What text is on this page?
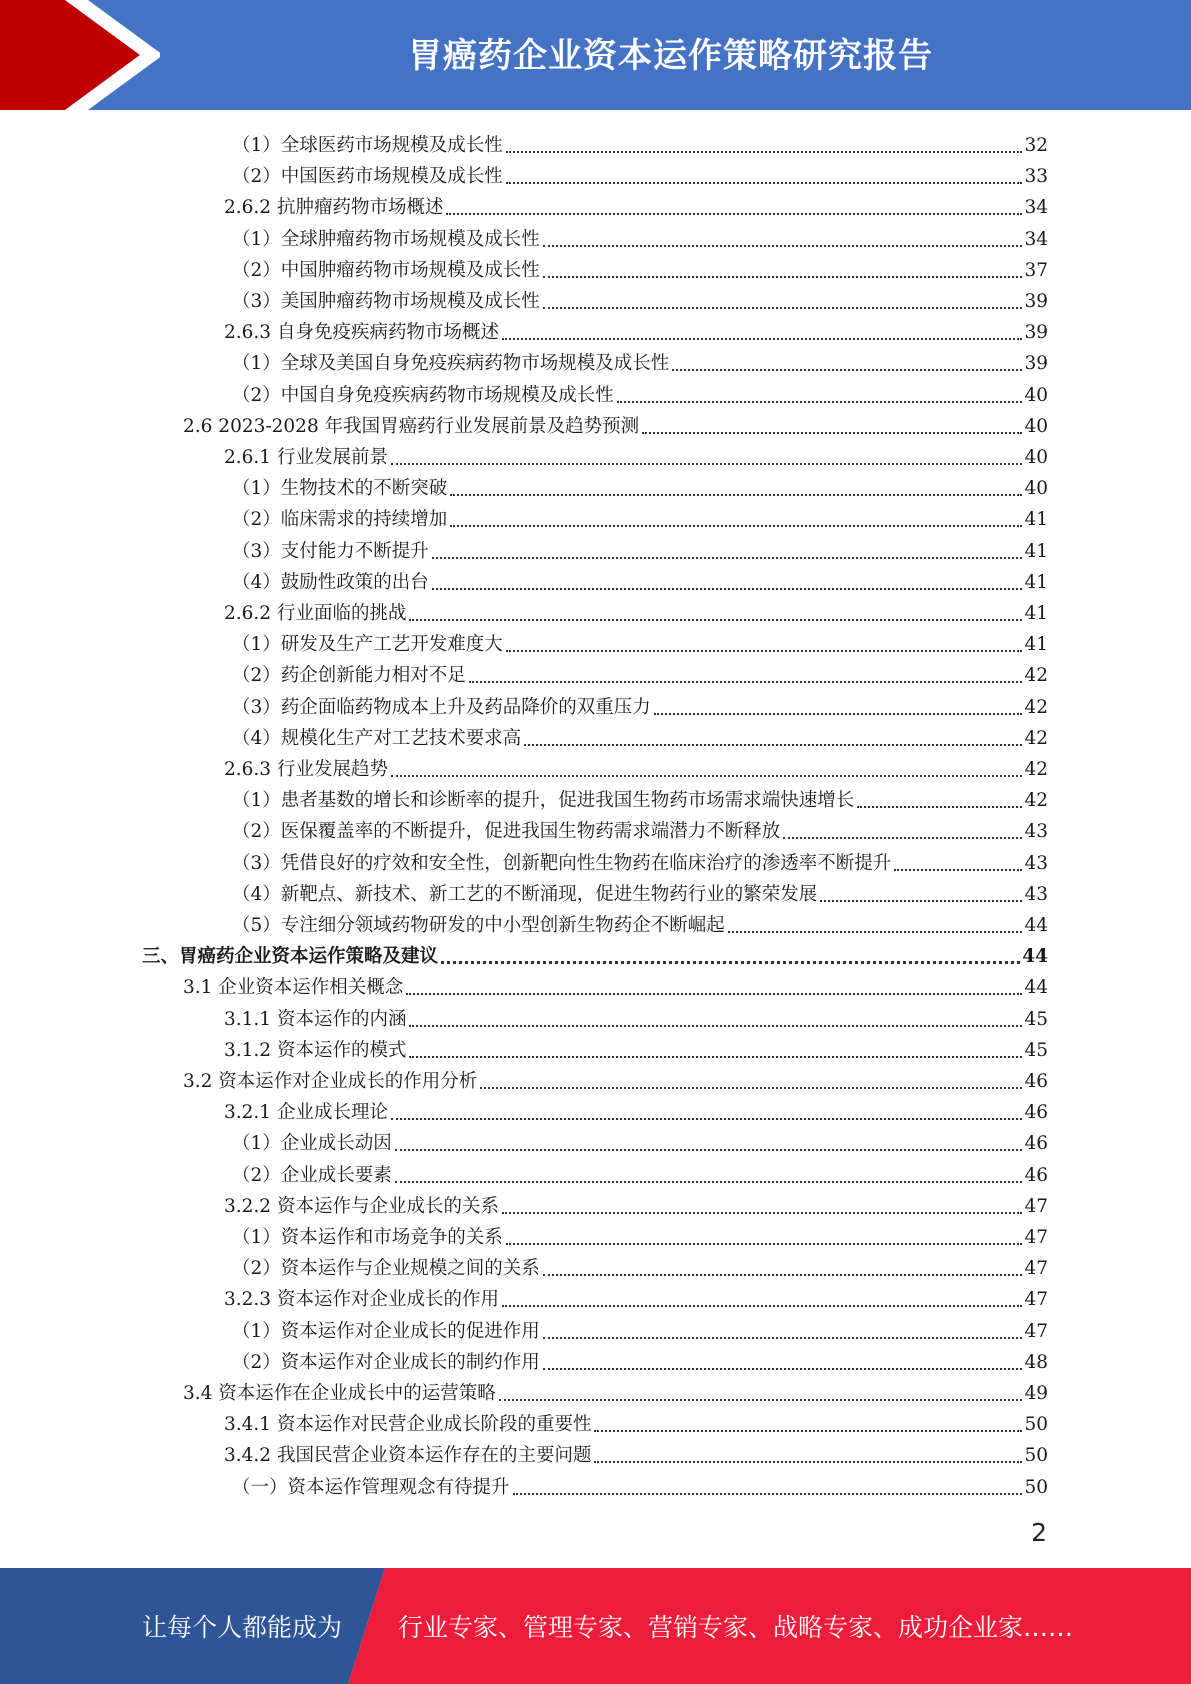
胃癌药企业资本运作策略研究报告
（1）全球医药市场规模及成长性	32
（2）中国医药市场规模及成长性	33
2.6.2 抗肿瘤药物市场概述	34
（1）全球肿瘤药物市场规模及成长性	34
（2）中国肿瘤药物市场规模及成长性	37
（3）美国肿瘤药物市场规模及成长性	39
2.6.3 自身免疫疾病药物市场概述	39
（1）全球及美国自身免疫疾病药物市场规模及成长性	39
（2）中国自身免疫疾病药物市场规模及成长性	40
2.6 2023-2028 年我国胃癌药行业发展前景及趋势预测	40
2.6.1 行业发展前景	40
（1）生物技术的不断突破	40
（2）临床需求的持续增加	41
（3）支付能力不断提升	41
（4）鼓励性政策的出台	41
2.6.2 行业面临的挑战	41
（1）研发及生产工艺开发难度大	41
（2）药企创新能力相对不足	42
（3）药企面临药物成本上升及药品降价的双重压力	42
（4）规模化生产对工艺技术要求高	42
2.6.3 行业发展趋势	42
（1）患者基数的增长和诊断率的提升，促进我国生物药市场需求端快速增长	42
（2）医保覆盖率的不断提升，促进我国生物药需求端潜力不断释放	43
（3）凭借良好的疗效和安全性，创新靶向性生物药在临床治疗的渗透率不断提升	43
（4）新靶点、新技术、新工艺的不断涌现，促进生物药行业的繁荣发展	43
（5）专注细分领域药物研发的中小型创新生物药企不断崛起	44
三、胃癌药企业资本运作策略及建议	44
3.1 企业资本运作相关概念	44
3.1.1 资本运作的内涵	45
3.1.2 资本运作的模式	45
3.2 资本运作对企业成长的作用分析	46
3.2.1 企业成长理论	46
（1）企业成长动因	46
（2）企业成长要素	46
3.2.2 资本运作与企业成长的关系	47
（1）资本运作和市场竞争的关系	47
（2）资本运作与企业规模之间的关系	47
3.2.3 资本运作对企业成长的作用	47
（1）资本运作对企业成长的促进作用	47
（2）资本运作对企业成长的制约作用	48
3.4 资本运作在企业成长中的运营策略	49
3.4.1 资本运作对民营企业成长阶段的重要性	50
3.4.2 我国民营企业资本运作存在的主要问题	50
（一）资本运作管理观念有待提升	50
2
让每个人都能成为 行业专家、管理专家、营销专家、战略专家、成功企业家……
